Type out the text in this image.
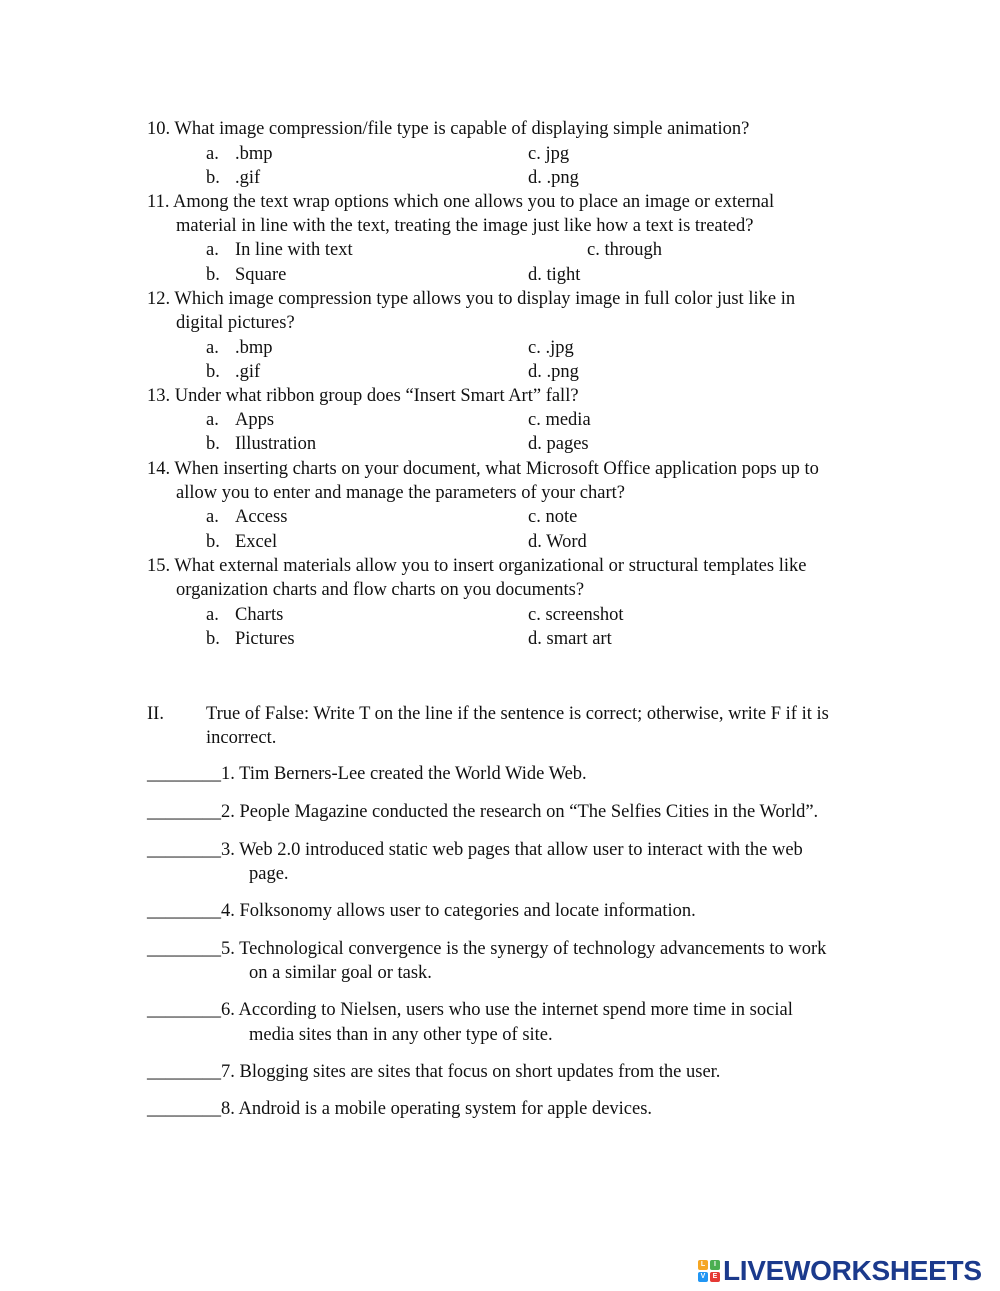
10. What image compression/file type is capable of displaying simple animation?
a. .bmp	c. jpg
b. .gif	d. .png
11. Among the text wrap options which one allows you to place an image or external
material in line with the text, treating the image just like how a text is treated?
a. In line with text	c. through
b. Square	d. tight
12. Which image compression type allows you to display image in full color just like in
digital pictures?
a. .bmp	c. .jpg
b. .gif	d. .png
13. Under what ribbon group does “Insert Smart Art” fall?
a. Apps	c. media
b. Illustration	d. pages
14. When inserting charts on your document, what Microsoft Office application pops up to
allow you to enter and manage the parameters of your chart?
a. Access	c. note
b. Excel	d. Word
15. What external materials allow you to insert organizational or structural templates like
organization charts and flow charts on you documents?
a. Charts	c. screenshot
b. Pictures	d. smart art
II. True of False: Write T on the line if the sentence is correct; otherwise, write F if it is
incorrect.
________1. Tim Berners-Lee created the World Wide Web.
________2. People Magazine conducted the research on “The Selfies Cities in the World”.
________3. Web 2.0 introduced static web pages that allow user to interact with the web
page.
________4. Folksonomy allows user to categories and locate information.
________5. Technological convergence is the synergy of technology advancements to work
on a similar goal or task.
________6. According to Nielsen, users who use the internet spend more time in social
media sites than in any other type of site.
________7. Blogging sites are sites that focus on short updates from the user.
________8. Android is a mobile operating system for apple devices.
L	I
V	E LIVEWORKSHEETS
